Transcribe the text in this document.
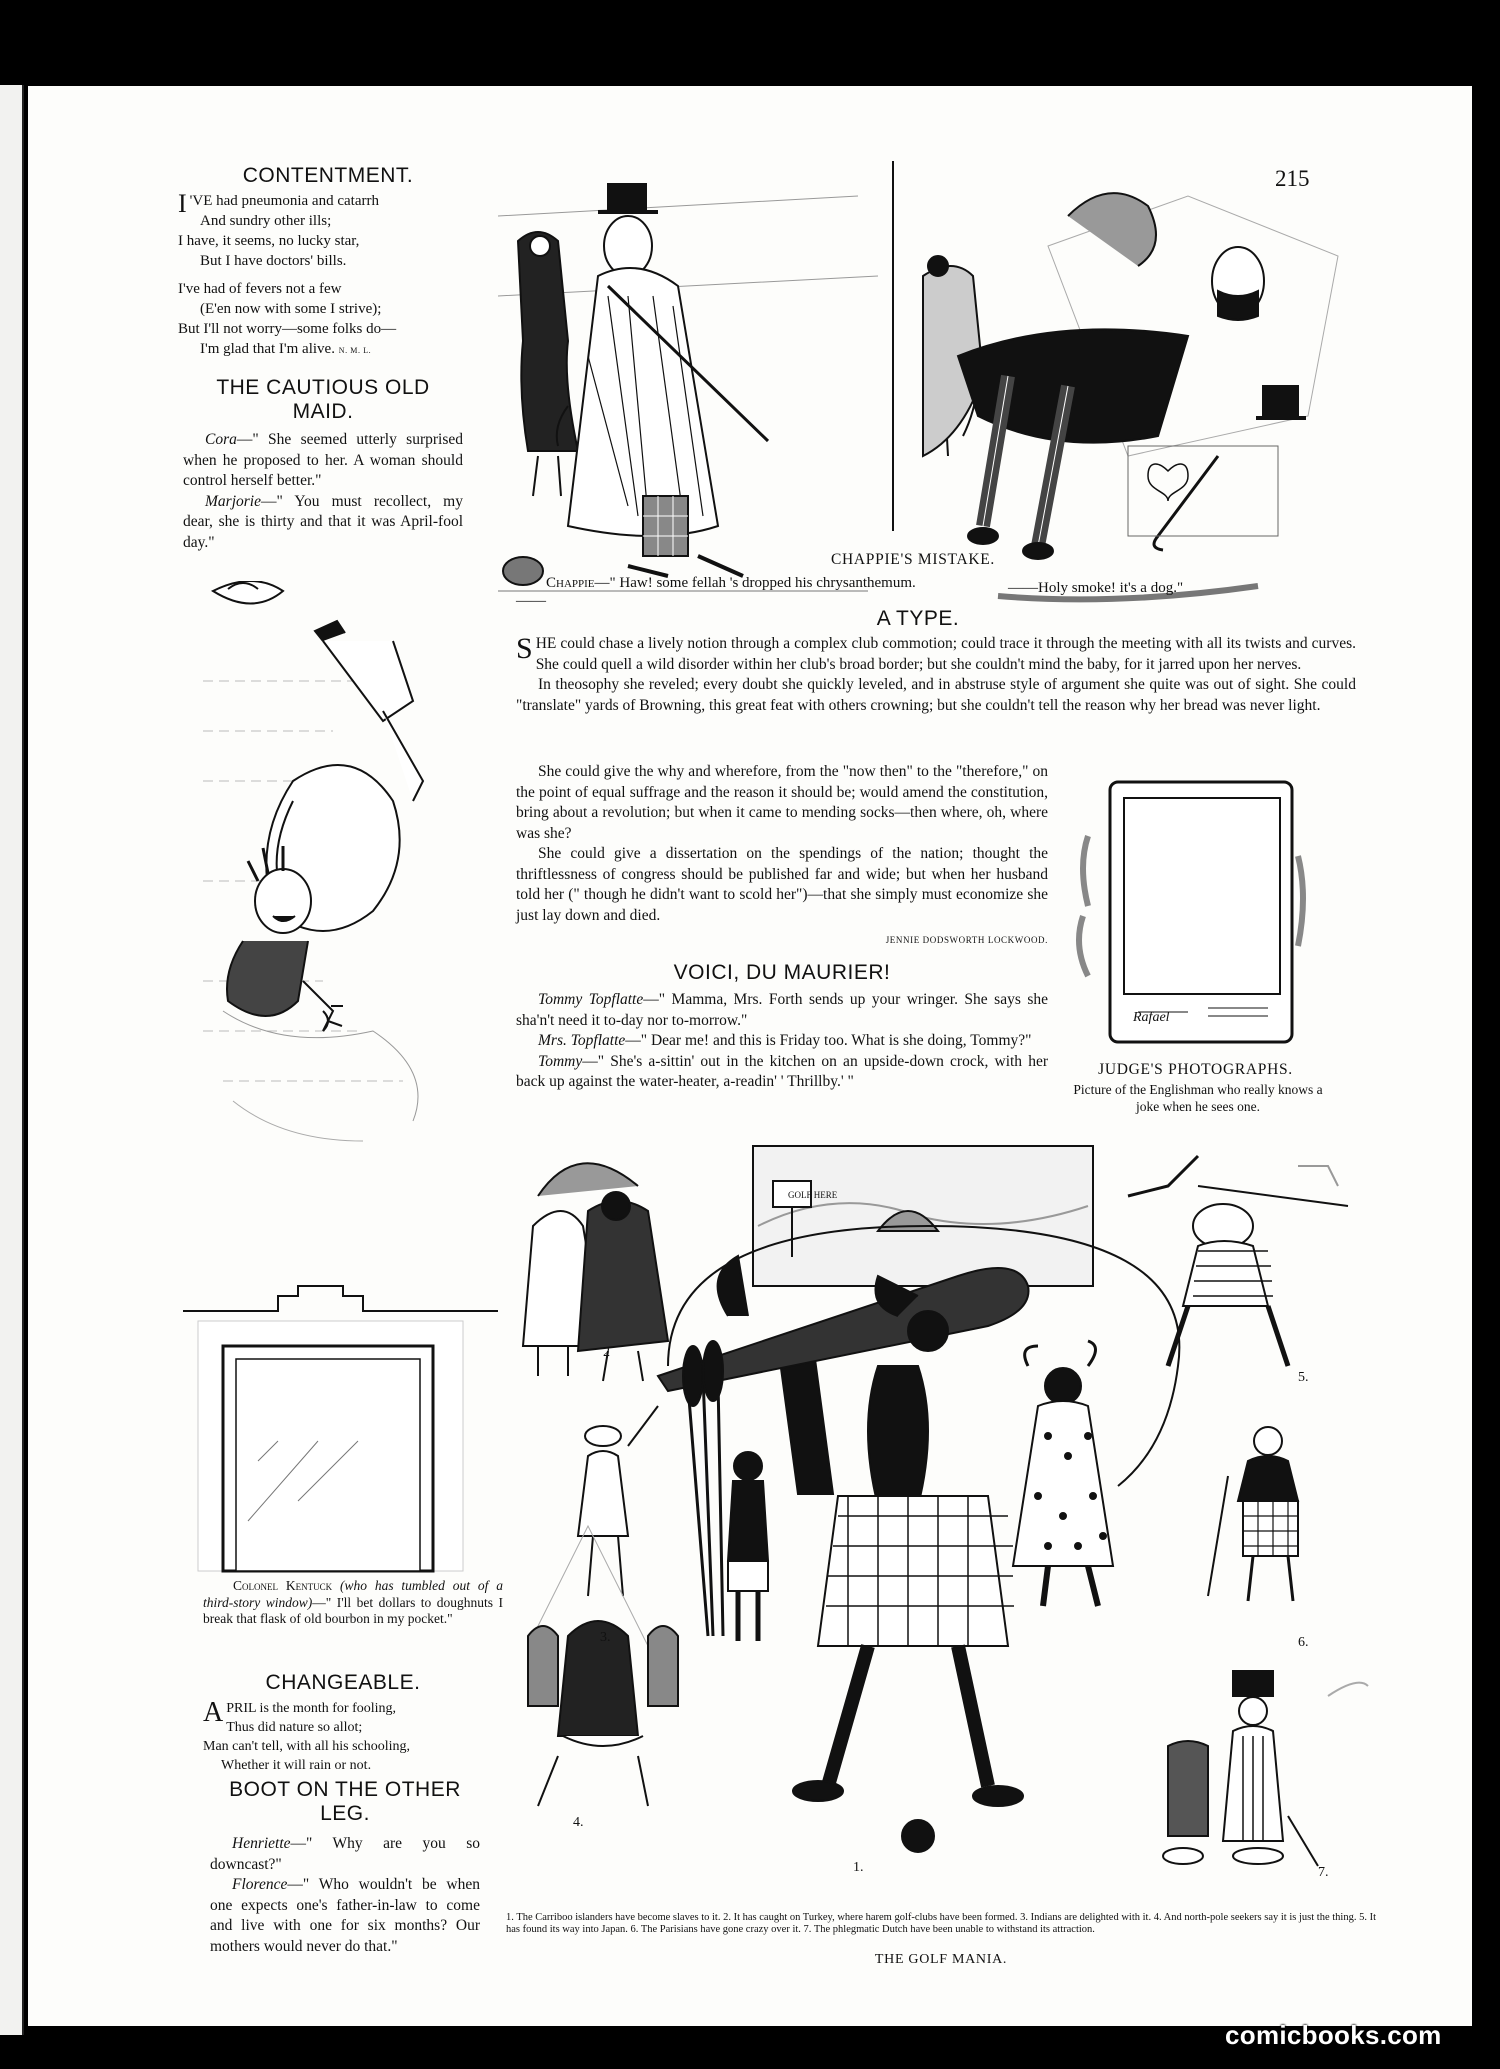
215
CONTENTMENT.
I 'VE had pneumonia and catarrh
And sundry other ills;
I have, it seems, no lucky star,
But I have doctors' bills.
I've had of fevers not a few
(E'en now with some I strive);
But I'll not worry—some folks do—
I'm glad that I'm alive. N. M. L.
THE CAUTIOUS OLD MAID.

Cora—" She seemed utterly surprised when he proposed to her. A woman should control herself better."

Marjorie—" You must recollect, my dear, she is thirty and that it was April-fool day."

CHAPPIE'S MISTAKE.
Chappie—" Haw! some fellah 's dropped his chrysanthemum.——
——Holy smoke! it's a dog."
A TYPE.
SHE could chase a lively notion through a complex club commotion; could trace it through the meeting with all its twists and curves. She could quell a wild disorder within her club's broad border; but she couldn't mind the baby, for it jarred upon her nerves.

In theosophy she reveled; every doubt she quickly leveled, and in abstruse style of argument she quite was out of sight. She could "translate" yards of Browning, this great feat with others crowning; but she couldn't tell the reason why her bread was never light.

She could give the why and wherefore, from the "now then" to the "therefore," on the point of equal suffrage and the reason it should be; would amend the constitution, bring about a revolution; but when it came to mending socks—then where, oh, where was she?

She could give a dissertation on the spendings of the nation; thought the thriftlessness of congress should be published far and wide; but when her husband told her (" though he didn't want to scold her")—that she simply must economize she just lay down and died.

JENNIE DODSWORTH LOCKWOOD.
Rafael
JUDGE'S PHOTOGRAPHS.
Picture of the Englishman who really knows a joke when he sees one.
VOICI, DU MAURIER!

Tommy Topflatte—" Mamma, Mrs. Forth sends up your wringer. She says she sha'n't need it to-day nor to-morrow."

Mrs. Topflatte—" Dear me! and this is Friday too. What is she doing, Tommy?"

Tommy—" She's a-sittin' out in the kitchen on an upside-down crock, with her back up against the water-heater, a-readin' ' Thrillby.' "

Colonel Kentuck (who has tumbled out of a third-story window)—" I'll bet dollars to doughnuts I break that flask of old bourbon in my pocket."
CHANGEABLE.
APRIL is the month for fooling,
Thus did nature so allot;
Man can't tell, with all his schooling,
Whether it will rain or not.
BOOT ON THE OTHER LEG.

Henriette—" Why are you so downcast?"

Florence—" Who wouldn't be when one expects one's father-in-law to come and live with one for six months? Our mothers would never do that."

GOLF HERE
1.
2
3.
4.
5.
6.
7.
1. The Carriboo islanders have become slaves to it. 2. It has caught on Turkey, where harem golf-clubs have been formed. 3. Indians are delighted with it. 4. And north-pole seekers say it is just the thing. 5. It has found its way into Japan. 6. The Parisians have gone crazy over it. 7. The phlegmatic Dutch have been unable to withstand its attraction.
THE GOLF MANIA.
comicbooks.com
